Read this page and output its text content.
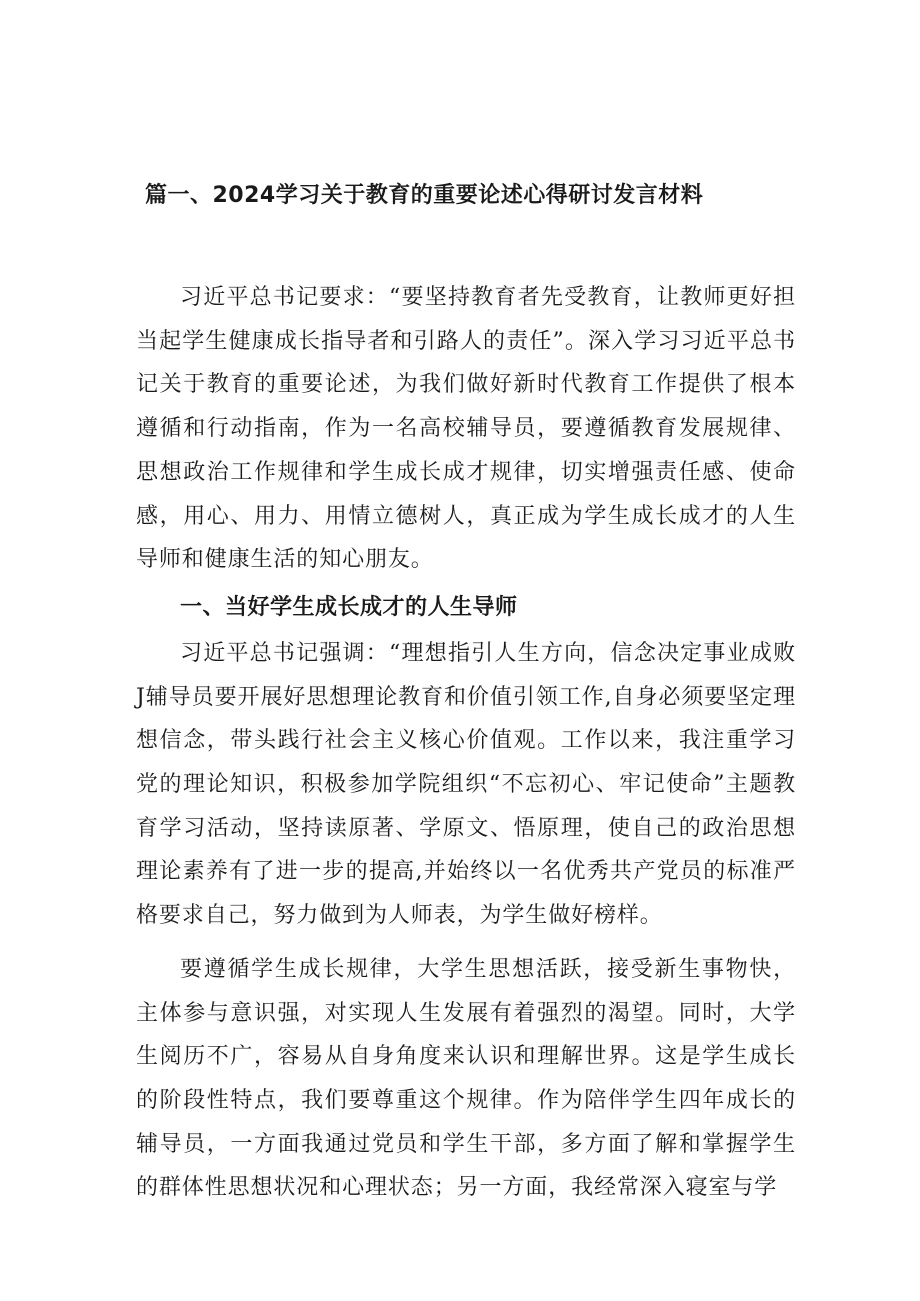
篇一、2024学习关于教育的重要论述心得研讨发言材料

习近平总书记要求：“要坚持教育者先受教育，让教师更好担当起学生健康成长指导者和引路人的责任”。深入学习习近平总书记关于教育的重要论述，为我们做好新时代教育工作提供了根本遵循和行动指南，作为一名高校辅导员，要遵循教育发展规律、思想政治工作规律和学生成长成才规律，切实增强责任感、使命感，用心、用力、用情立德树人，真正成为学生成长成才的人生导师和健康生活的知心朋友。

一、当好学生成长成才的人生导师

习近平总书记强调：“理想指引人生方向，信念决定事业成败J辅导员要开展好思想理论教育和价值引领工作,自身必须要坚定理想信念，带头践行社会主义核心价值观。工作以来，我注重学习党的理论知识，积极参加学院组织“不忘初心、牢记使命”主题教育学习活动，坚持读原著、学原文、悟原理，使自己的政治思想理论素养有了进一步的提高,并始终以一名优秀共产党员的标准严格要求自己，努力做到为人师表，为学生做好榜样。

要遵循学生成长规律，大学生思想活跃，接受新生事物快，主体参与意识强，对实现人生发展有着强烈的渴望。同时，大学生阅历不广，容易从自身角度来认识和理解世界。这是学生成长的阶段性特点，我们要尊重这个规律。作为陪伴学生四年成长的辅导员，一方面我通过党员和学生干部，多方面了解和掌握学生的群体性思想状况和心理状态；另一方面，我经常深入寝室与学
